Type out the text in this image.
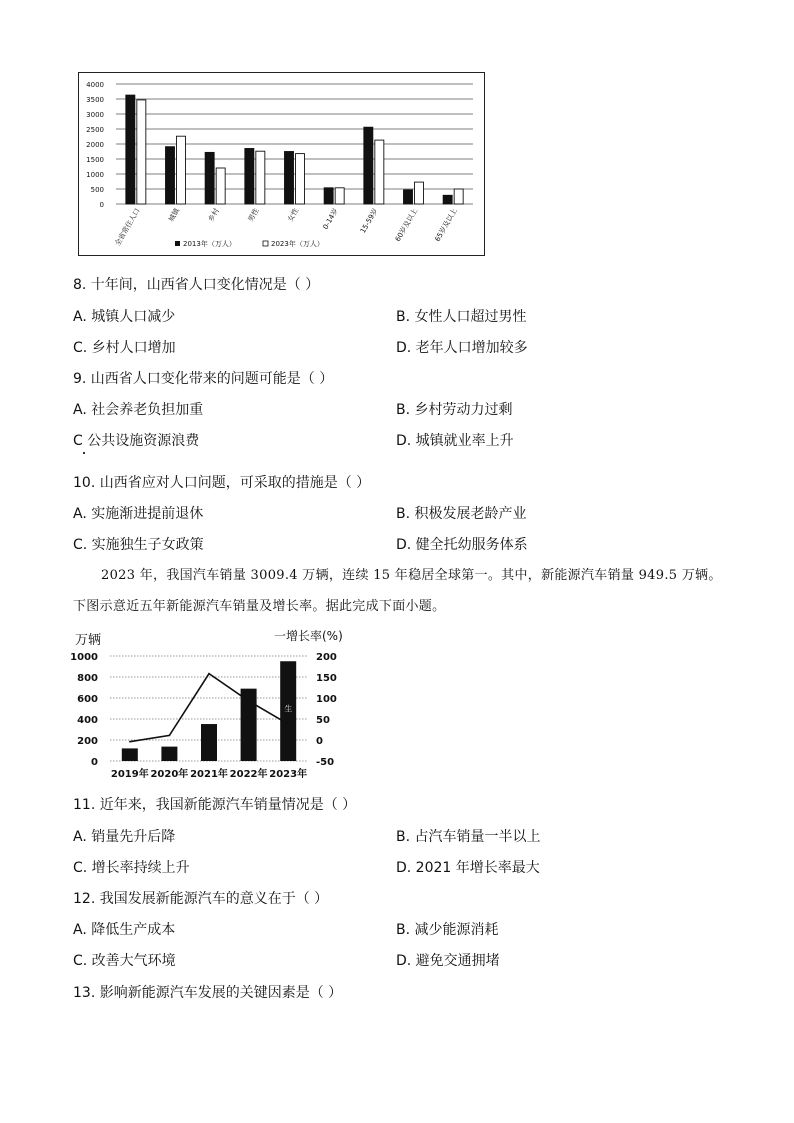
0
500
1000
1500
2000
2500
3000
3500
4000
全省常住人口	城镇	乡村	男性	女性	0-14岁	15-59岁 60岁及以上 65岁及以上
2013年（万人）	2023年（万人）
8. 十年间，山西省人口变化情况是（ ）
A. 城镇人口减少	B. 女性人口超过男性
C. 乡村人口增加	D. 老年人口增加较多
9. 山西省人口变化带来的问题可能是（ ）
A. 社会养老负担加重	B. 乡村劳动力过剩
C 公共设施资源浪费	D. 城镇就业率上升
10. 山西省应对人口问题，可采取的措施是（ ）
A. 实施渐进提前退休	B. 积极发展老龄产业
C. 实施独生子女政策	D. 健全托幼服务体系
2023 年，我国汽车销量 3009.4 万辆，连续 15 年稳居全球第一。其中，新能源汽车销量 949.5 万辆。
下图示意近五年新能源汽车销量及增长率。据此完成下面小题。
万辆	一增长率(%)
0
200
400
600
800
1000
-50
0
50
100
150
200
2019年 2020年 2021年 2022年 2023年
生
11. 近年来，我国新能源汽车销量情况是（ ）
A. 销量先升后降	B. 占汽车销量一半以上
C. 增长率持续上升	D. 2021 年增长率最大
12. 我国发展新能源汽车的意义在于（ ）
A. 降低生产成本	B. 减少能源消耗
C. 改善大气环境	D. 避免交通拥堵
13. 影响新能源汽车发展的关键因素是（ ）
